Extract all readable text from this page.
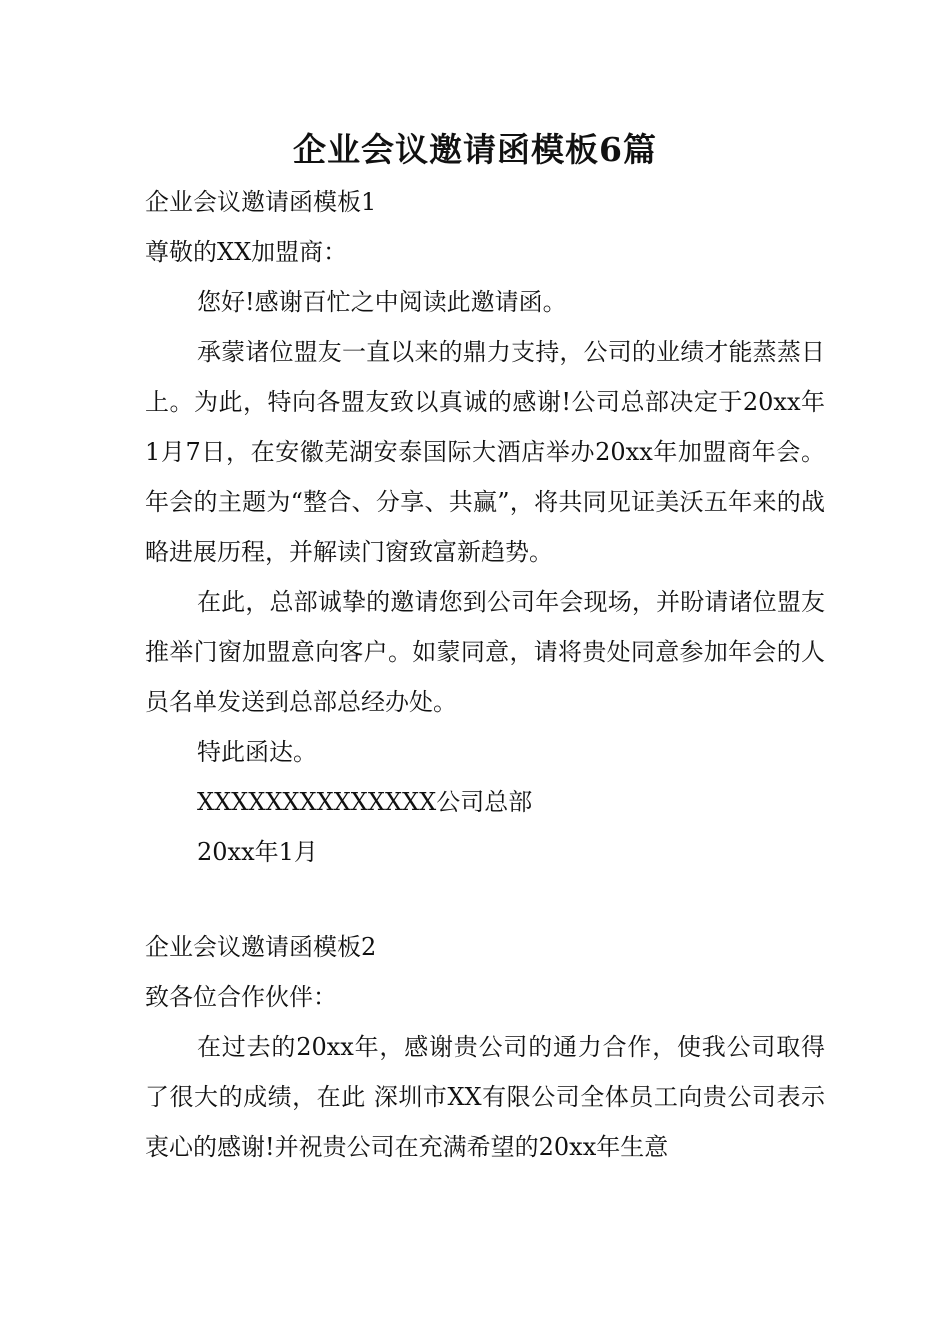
企业会议邀请函模板6篇
企业会议邀请函模板1
尊敬的XX加盟商：
您好!感谢百忙之中阅读此邀请函。
承蒙诸位盟友一直以来的鼎力支持，公司的业绩才能蒸蒸日上。为此，特向各盟友致以真诚的感谢!公司总部决定于20xx年1月7日，在安徽芜湖安泰国际大酒店举办20xx年加盟商年会。年会的主题为“整合、分享、共赢”，将共同见证美沃五年来的战略进展历程，并解读门窗致富新趋势。
在此，总部诚挚的邀请您到公司年会现场，并盼请诸位盟友推举门窗加盟意向客户。如蒙同意，请将贵处同意参加年会的人员名单发送到总部总经办处。
特此函达。
XXXXXXXXXXXXXX公司总部
20xx年1月
企业会议邀请函模板2
致各位合作伙伴：
在过去的20xx年，感谢贵公司的通力合作，使我公司取得了很大的成绩，在此 深圳市XX有限公司全体员工向贵公司表示衷心的感谢!并祝贵公司在充满希望的20xx年生意
